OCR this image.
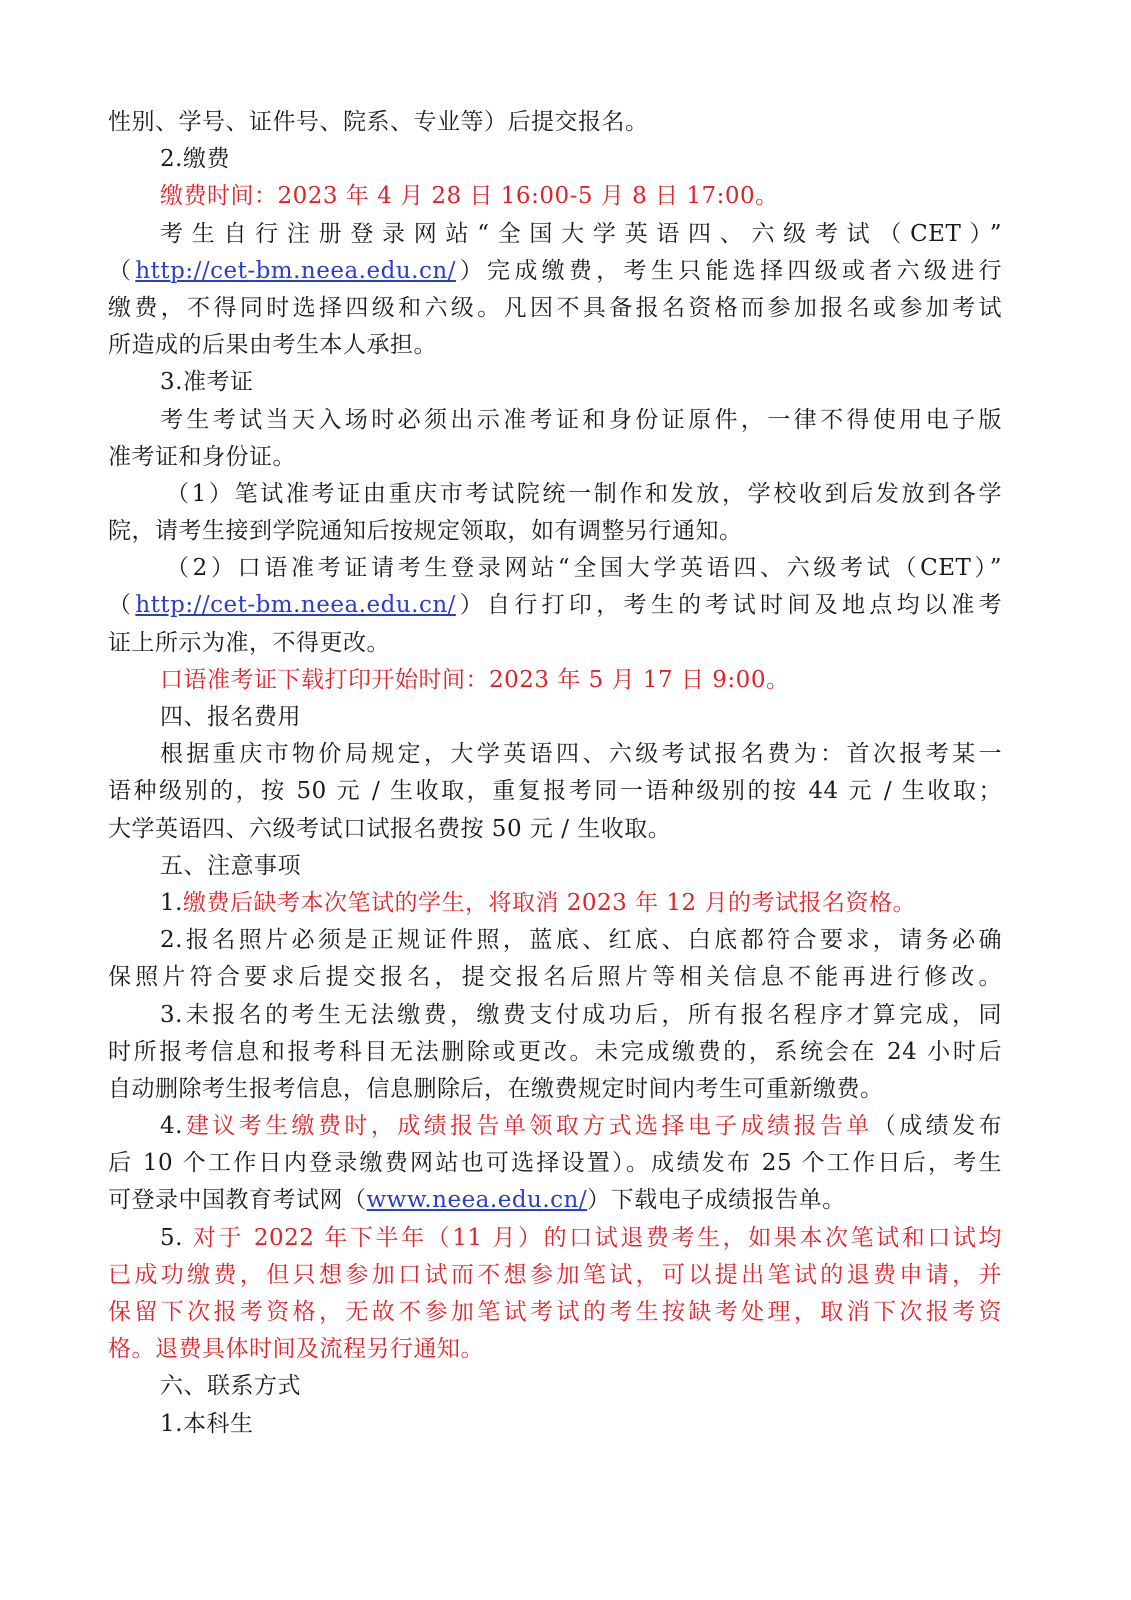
性别、学号、证件号、院系、专业等）后提交报名。
2.缴费
缴费时间：2023 年 4 月 28 日 16:00-5 月 8 日 17:00。
考生自行注册登录网站“全国大学英语四、六级考试（CET）”
（http://cet-bm.neea.edu.cn/）完成缴费，考生只能选择四级或者六级进行
缴费，不得同时选择四级和六级。凡因不具备报名资格而参加报名或参加考试
所造成的后果由考生本人承担。
3.准考证
考生考试当天入场时必须出示准考证和身份证原件，一律不得使用电子版
准考证和身份证。
（1）笔试准考证由重庆市考试院统一制作和发放，学校收到后发放到各学
院，请考生接到学院通知后按规定领取，如有调整另行通知。
（2）口语准考证请考生登录网站“全国大学英语四、六级考试（CET）”
（http://cet-bm.neea.edu.cn/）自行打印，考生的考试时间及地点均以准考
证上所示为准，不得更改。
口语准考证下载打印开始时间：2023 年 5 月 17 日 9:00。
四、报名费用
根据重庆市物价局规定，大学英语四、六级考试报名费为：首次报考某一
语种级别的，按 50 元 / 生收取，重复报考同一语种级别的按 44 元 / 生收取；
大学英语四、六级考试口试报名费按 50 元 / 生收取。
五、注意事项
1.缴费后缺考本次笔试的学生，将取消 2023 年 12 月的考试报名资格。
2.报名照片必须是正规证件照，蓝底、红底、白底都符合要求，请务必确
保照片符合要求后提交报名，提交报名后照片等相关信息不能再进行修改。
3.未报名的考生无法缴费，缴费支付成功后，所有报名程序才算完成，同
时所报考信息和报考科目无法删除或更改。未完成缴费的，系统会在 24 小时后
自动删除考生报考信息，信息删除后，在缴费规定时间内考生可重新缴费。
4.建议考生缴费时，成绩报告单领取方式选择电子成绩报告单（成绩发布
后 10 个工作日内登录缴费网站也可选择设置）。成绩发布 25 个工作日后，考生
可登录中国教育考试网（www.neea.edu.cn/）下载电子成绩报告单。
5. 对于 2022 年下半年（11 月）的口试退费考生，如果本次笔试和口试均
已成功缴费，但只想参加口试而不想参加笔试，可以提出笔试的退费申请，并
保留下次报考资格，无故不参加笔试考试的考生按缺考处理，取消下次报考资
格。退费具体时间及流程另行通知。
六、联系方式
1.本科生
